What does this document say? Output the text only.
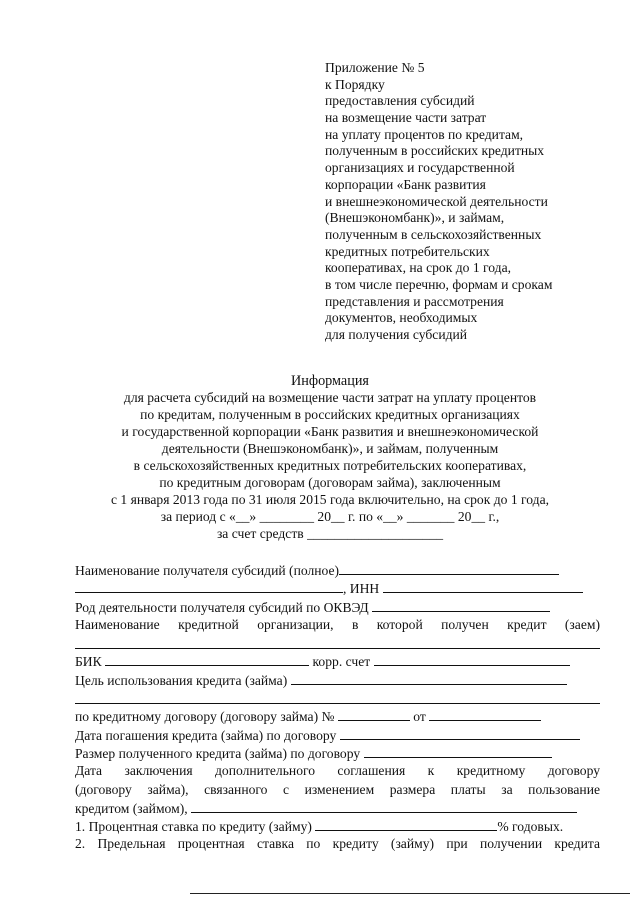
Приложение № 5
к Порядку
предоставления субсидий
на возмещение части затрат
на уплату процентов по кредитам,
полученным в российских кредитных
организациях и государственной
корпорации «Банк развития
и внешнеэкономической деятельности
(Внешэкономбанк)», и займам,
полученным в сельскохозяйственных
кредитных потребительских
кооперативах, на срок до 1 года,
в том числе перечню, формам и срокам
представления и рассмотрения
документов, необходимых
для получения субсидий
Информация
для расчета субсидий на возмещение части затрат на уплату процентов
по кредитам, полученным в российских кредитных организациях
и государственной корпорации «Банк развития и внешнеэкономической
деятельности (Внешэкономбанк)», и займам, полученным
в сельскохозяйственных кредитных потребительских кооперативах,
по кредитным договорам (договорам займа), заключенным
с 1 января 2013 года по 31 июля 2015 года включительно, на срок до 1 года,
за период с «__» ________ 20__ г. по «__» _______ 20__ г.,
за счет средств ____________________
Наименование получателя субсидий (полное)
, ИНН
Род деятельности получателя субсидий по ОКВЭД
Наименование кредитной организации, в которой получен кредит (заем)
БИК	корр. счет
Цель использования кредита (займа)
по кредитному договору (договору займа) №	от
Дата погашения кредита (займа) по договору
Размер полученного кредита (займа) по договору
Дата заключения дополнительного соглашения к кредитному договору
(договору займа), связанного с изменением размера платы за пользование
кредитом (займом),
1. Процентная ставка по кредиту (займу)	% годовых.
2. Предельная процентная ставка по кредиту (займу) при получении кредита
